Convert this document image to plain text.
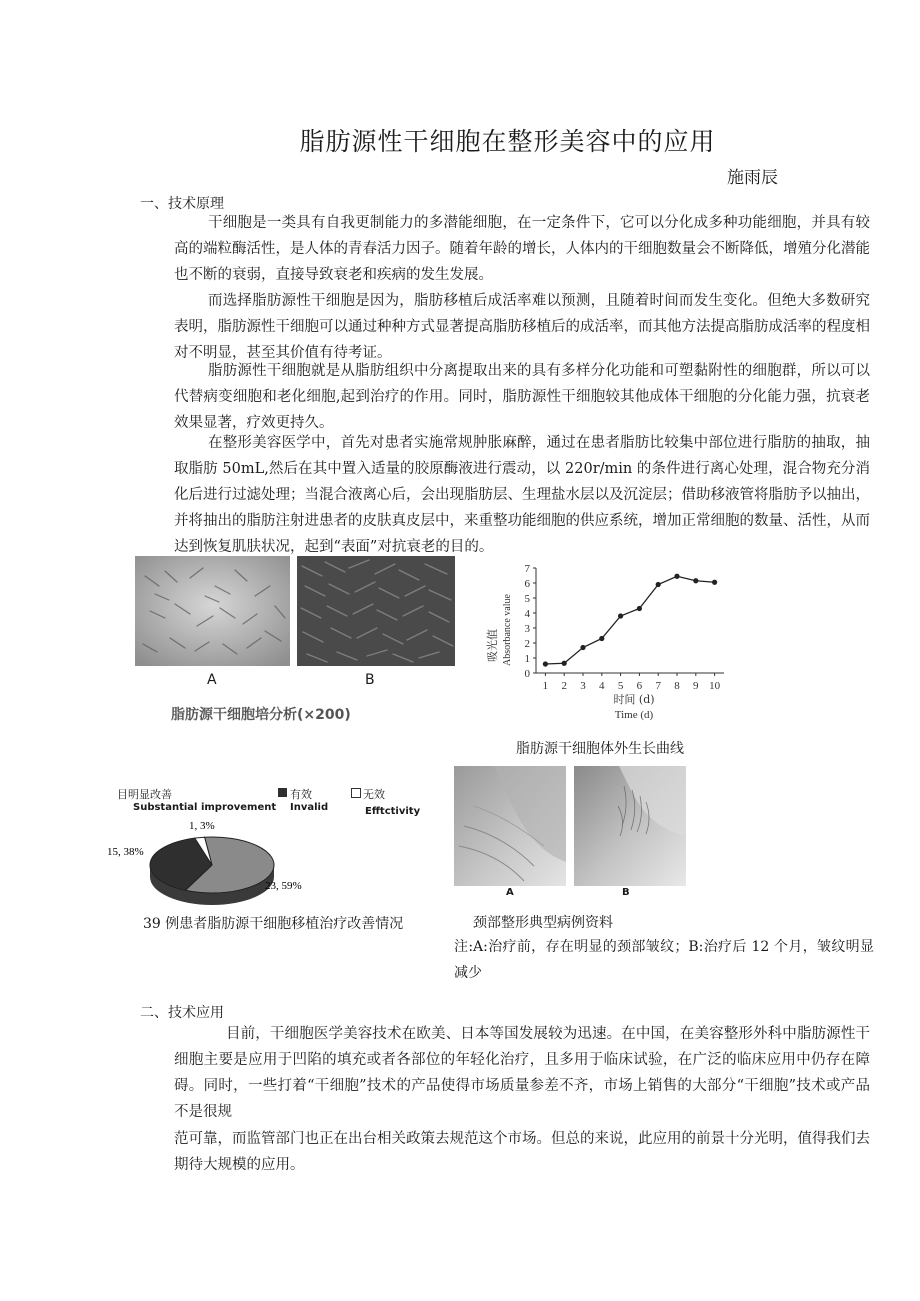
脂肪源性干细胞在整形美容中的应用
施雨辰
一、技术原理
干细胞是一类具有自我更制能力的多潜能细胞，在一定条件下，它可以分化成多种功能细胞，并具有较高的端粒酶活性，是人体的青春活力因子。随着年龄的增长，人体内的干细胞数量会不断降低，增殖分化潜能也不断的衰弱，直接导致衰老和疾病的发生发展。
而选择脂肪源性干细胞是因为，脂肪移植后成活率难以预测，且随着时间而发生变化。但绝大多数研究表明，脂肪源性干细胞可以通过种种方式显著提高脂肪移植后的成活率，而其他方法提高脂肪成活率的程度相对不明显，甚至其价值有待考证。
脂肪源性干细胞就是从脂肪组织中分离提取出来的具有多样分化功能和可塑黏附性的细胞群，所以可以代替病变细胞和老化细胞,起到治疗的作用。同时，脂肪源性干细胞较其他成体干细胞的分化能力强，抗衰老效果显著，疗效更持久。
在整形美容医学中，首先对患者实施常规肿胀麻醉，通过在患者脂肪比较集中部位进行脂肪的抽取，抽取脂肪 50mL,然后在其中置入适量的胶原酶液进行震动，以 220r/min 的条件进行离心处理，混合物充分消化后进行过滤处理；当混合液离心后，会出现脂肪层、生理盐水层以及沉淀层；借助移液管将脂肪予以抽出，并将抽出的脂肪注射进患者的皮肤真皮层中，来重整功能细胞的供应系统，增加正常细胞的数量、活性，从而达到恢复肌肤状况，起到“表面”对抗衰老的目的。
A	B
脂肪源干细胞培分析(×200)
吸光值 Absorbance value
0
1
2
3
4
5
6
7
1 2 3 4 5 6 7 8 9 10
时间 (d)
Time (d)
脂肪源干细胞体外生长曲线
目明显改善
Substantial improvement
有效
Invalid
无效
Efftctivity
1, 3%
15, 38%
23, 59%
39 例患者脂肪源干细胞移植治疗改善情况
A	B
颈部整形典型病例资料
注:A:治疗前，存在明显的颈部皱纹；B:治疗后 12 个月，皱纹明显减少
二、技术应用
目前，干细胞医学美容技术在欧美、日本等国发展较为迅速。在中国，在美容整形外科中脂肪源性干细胞主要是应用于凹陷的填充或者各部位的年轻化治疗，且多用于临床试验，在广泛的临床应用中仍存在障碍。同时，一些打着“干细胞”技术的产品使得市场质量参差不齐，市场上销售的大部分“干细胞”技术或产品不是很规
范可靠，而监管部门也正在出台相关政策去规范这个市场。但总的来说，此应用的前景十分光明，值得我们去期待大规模的应用。
